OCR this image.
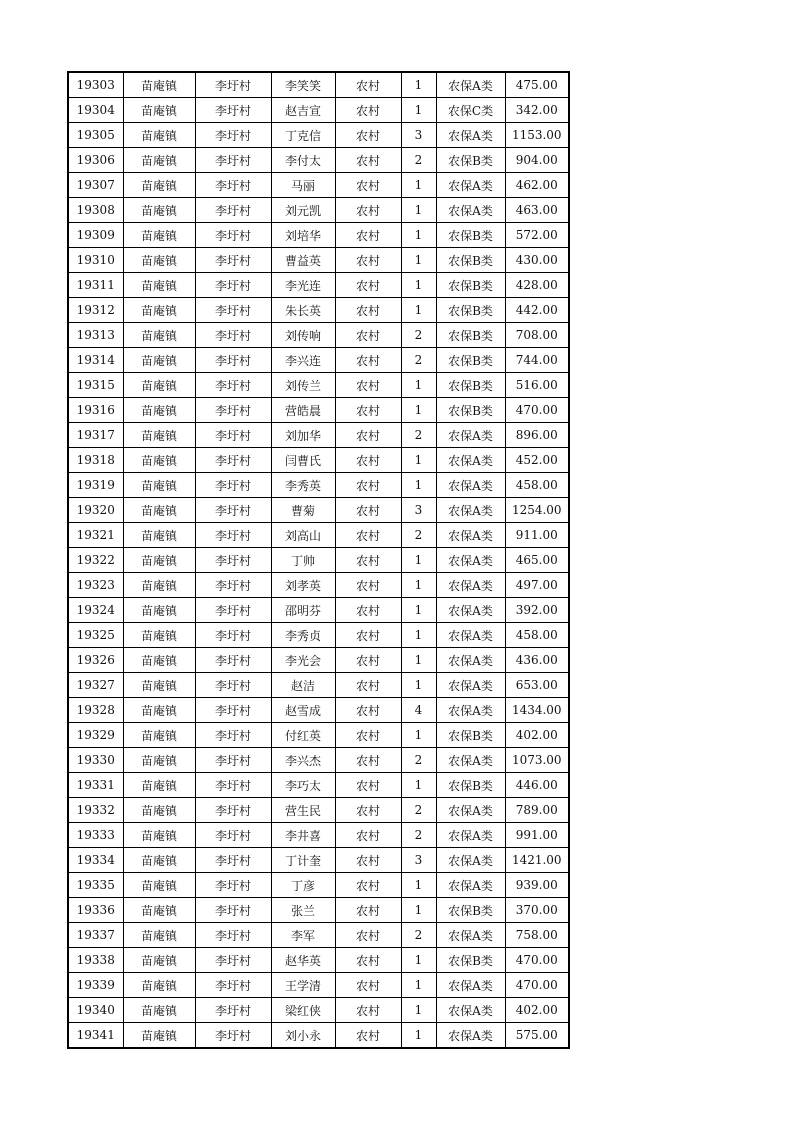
19303	苗庵镇	李圩村	李笑笑	农村	1	农保A类	475.00
19304	苗庵镇	李圩村	赵吉宣	农村	1	农保C类	342.00
19305	苗庵镇	李圩村	丁克信	农村	3	农保A类	1153.00
19306	苗庵镇	李圩村	李付太	农村	2	农保B类	904.00
19307	苗庵镇	李圩村	马丽	农村	1	农保A类	462.00
19308	苗庵镇	李圩村	刘元凯	农村	1	农保A类	463.00
19309	苗庵镇	李圩村	刘培华	农村	1	农保B类	572.00
19310	苗庵镇	李圩村	曹益英	农村	1	农保B类	430.00
19311	苗庵镇	李圩村	李光连	农村	1	农保B类	428.00
19312	苗庵镇	李圩村	朱长英	农村	1	农保B类	442.00
19313	苗庵镇	李圩村	刘传响	农村	2	农保B类	708.00
19314	苗庵镇	李圩村	李兴连	农村	2	农保B类	744.00
19315	苗庵镇	李圩村	刘传兰	农村	1	农保B类	516.00
19316	苗庵镇	李圩村	营皓晨	农村	1	农保B类	470.00
19317	苗庵镇	李圩村	刘加华	农村	2	农保A类	896.00
19318	苗庵镇	李圩村	闫曹氏	农村	1	农保A类	452.00
19319	苗庵镇	李圩村	李秀英	农村	1	农保A类	458.00
19320	苗庵镇	李圩村	曹菊	农村	3	农保A类	1254.00
19321	苗庵镇	李圩村	刘高山	农村	2	农保A类	911.00
19322	苗庵镇	李圩村	丁帅	农村	1	农保A类	465.00
19323	苗庵镇	李圩村	刘孝英	农村	1	农保A类	497.00
19324	苗庵镇	李圩村	邵明芬	农村	1	农保A类	392.00
19325	苗庵镇	李圩村	李秀贞	农村	1	农保A类	458.00
19326	苗庵镇	李圩村	李光会	农村	1	农保A类	436.00
19327	苗庵镇	李圩村	赵洁	农村	1	农保A类	653.00
19328	苗庵镇	李圩村	赵雪成	农村	4	农保A类	1434.00
19329	苗庵镇	李圩村	付红英	农村	1	农保B类	402.00
19330	苗庵镇	李圩村	李兴杰	农村	2	农保A类	1073.00
19331	苗庵镇	李圩村	李巧太	农村	1	农保B类	446.00
19332	苗庵镇	李圩村	营生民	农村	2	农保A类	789.00
19333	苗庵镇	李圩村	李井喜	农村	2	农保A类	991.00
19334	苗庵镇	李圩村	丁计奎	农村	3	农保A类	1421.00
19335	苗庵镇	李圩村	丁彦	农村	1	农保A类	939.00
19336	苗庵镇	李圩村	张兰	农村	1	农保B类	370.00
19337	苗庵镇	李圩村	李军	农村	2	农保A类	758.00
19338	苗庵镇	李圩村	赵华英	农村	1	农保B类	470.00
19339	苗庵镇	李圩村	王学清	农村	1	农保A类	470.00
19340	苗庵镇	李圩村	梁红侠	农村	1	农保A类	402.00
19341	苗庵镇	李圩村	刘小永	农村	1	农保A类	575.00
